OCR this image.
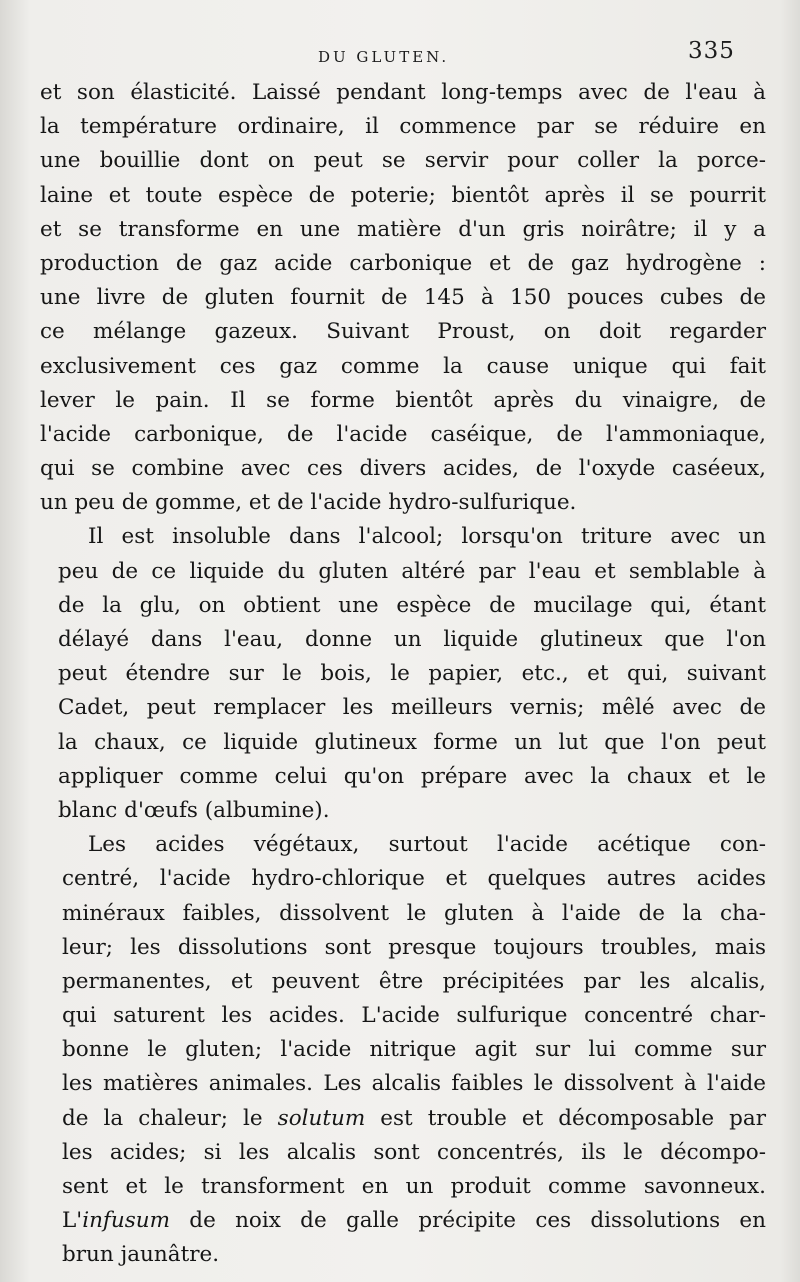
DU GLUTEN.	335

et son élasticité. Laissé pendant long-temps avec de l'eau à
la température ordinaire, il commence par se réduire en
une bouillie dont on peut se servir pour coller la porce-
laine et toute espèce de poterie; bientôt après il se pourrit
et se transforme en une matière d'un gris noirâtre; il y a
production de gaz acide carbonique et de gaz hydrogène :
une livre de gluten fournit de 145 à 150 pouces cubes de
ce mélange gazeux. Suivant Proust, on doit regarder
exclusivement ces gaz comme la cause unique qui fait
lever le pain. Il se forme bientôt après du vinaigre, de
l'acide carbonique, de l'acide caséique, de l'ammoniaque,
qui se combine avec ces divers acides, de l'oxyde caséeux,
un peu de gomme, et de l'acide hydro-sulfurique.

Il est insoluble dans l'alcool; lorsqu'on triture avec un
peu de ce liquide du gluten altéré par l'eau et semblable à
de la glu, on obtient une espèce de mucilage qui, étant
délayé dans l'eau, donne un liquide glutineux que l'on
peut étendre sur le bois, le papier, etc., et qui, suivant
Cadet, peut remplacer les meilleurs vernis; mêlé avec de
la chaux, ce liquide glutineux forme un lut que l'on peut
appliquer comme celui qu'on prépare avec la chaux et le
blanc d'œufs (albumine).

Les acides végétaux, surtout l'acide acétique con-
centré, l'acide hydro-chlorique et quelques autres acides
minéraux faibles, dissolvent le gluten à l'aide de la cha-
leur; les dissolutions sont presque toujours troubles, mais
permanentes, et peuvent être précipitées par les alcalis,
qui saturent les acides. L'acide sulfurique concentré char-
bonne le gluten; l'acide nitrique agit sur lui comme sur
les matières animales. Les alcalis faibles le dissolvent à l'aide
de la chaleur; le solutum est trouble et décomposable par
les acides; si les alcalis sont concentrés, ils le décompo-
sent et le transforment en un produit comme savonneux.
L'infusum de noix de galle précipite ces dissolutions en
brun jaunâtre.
